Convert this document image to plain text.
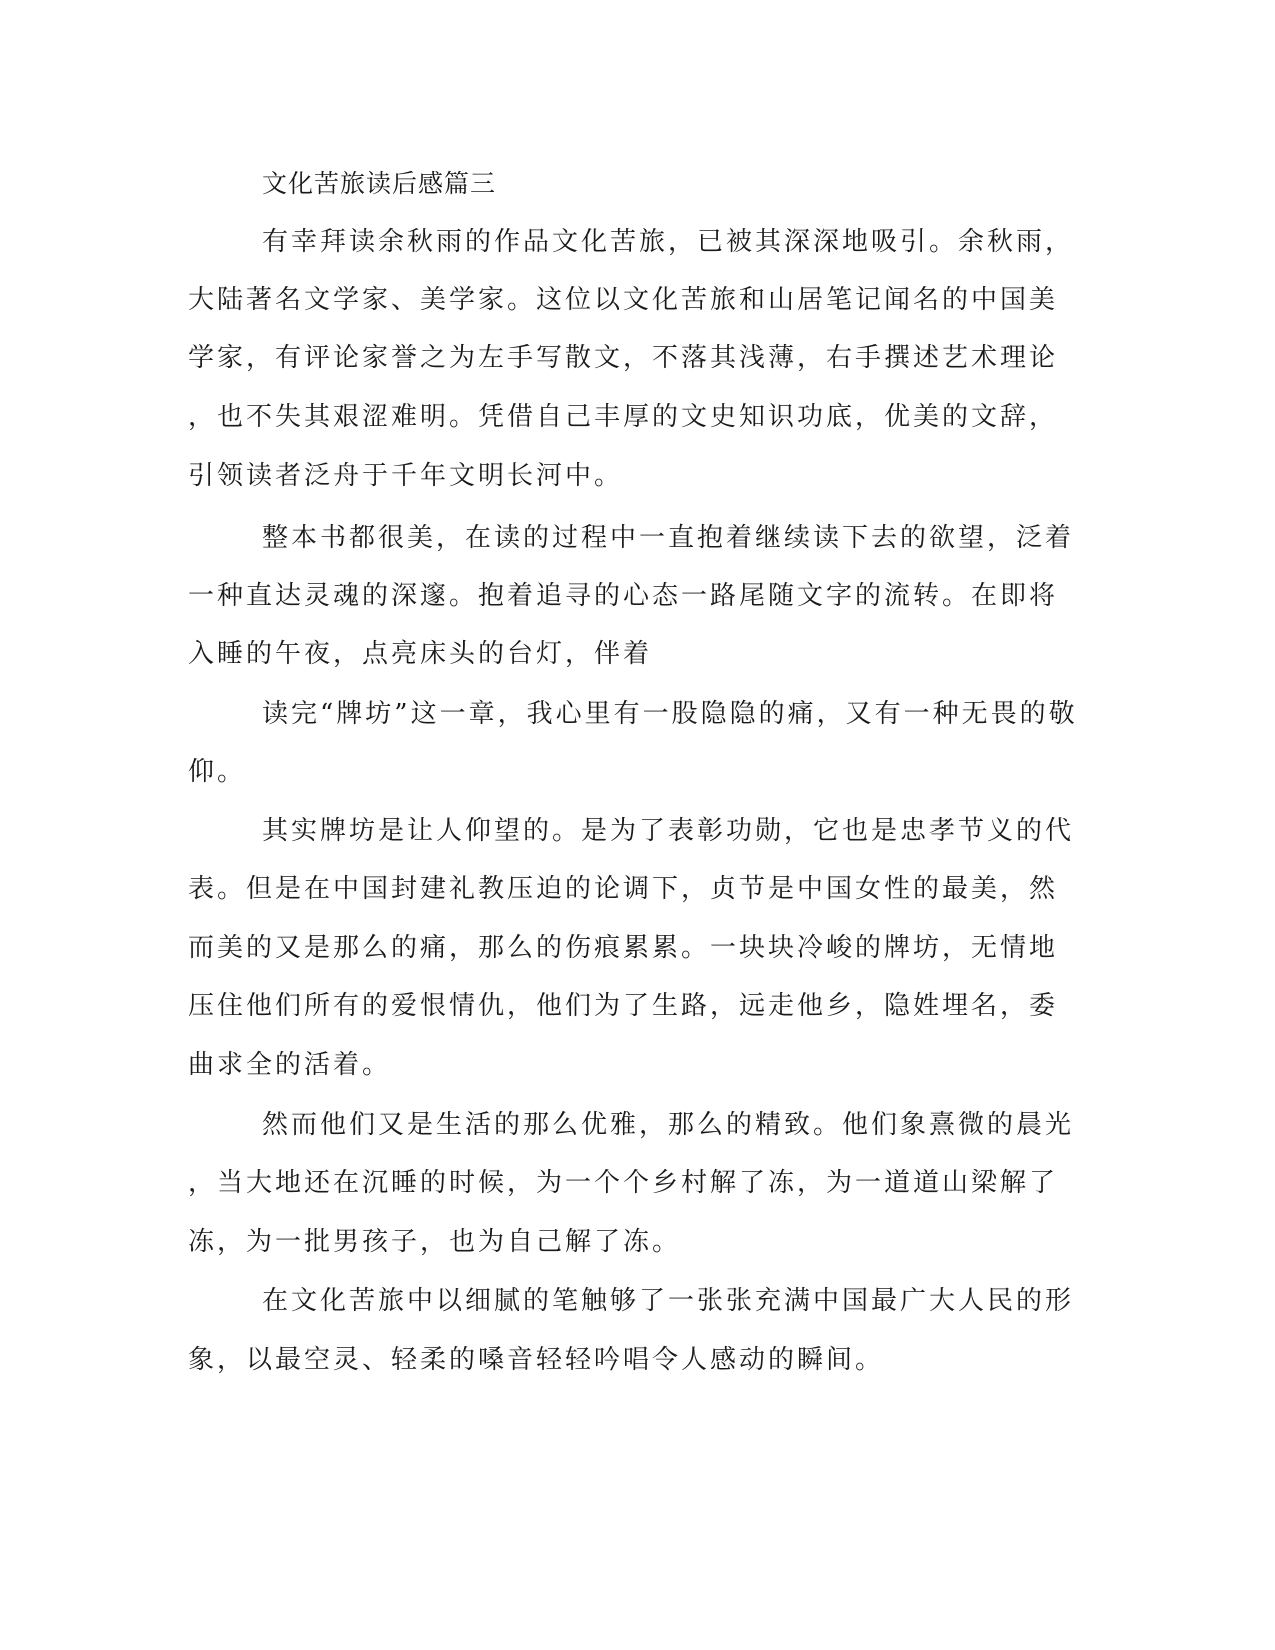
文化苦旅读后感篇三
有幸拜读余秋雨的作品文化苦旅，已被其深深地吸引。余秋雨，
大陆著名文学家、美学家。这位以文化苦旅和山居笔记闻名的中国美
学家，有评论家誉之为左手写散文，不落其浅薄，右手撰述艺术理论
，也不失其艰涩难明。凭借自己丰厚的文史知识功底，优美的文辞，
引领读者泛舟于千年文明长河中。
整本书都很美，在读的过程中一直抱着继续读下去的欲望，泛着
一种直达灵魂的深邃。抱着追寻的心态一路尾随文字的流转。在即将
入睡的午夜，点亮床头的台灯，伴着
读完“牌坊”这一章，我心里有一股隐隐的痛，又有一种无畏的敬
仰。
其实牌坊是让人仰望的。是为了表彰功勋，它也是忠孝节义的代
表。但是在中国封建礼教压迫的论调下，贞节是中国女性的最美，然
而美的又是那么的痛，那么的伤痕累累。一块块冷峻的牌坊，无情地
压住他们所有的爱恨情仇，他们为了生路，远走他乡，隐姓埋名，委
曲求全的活着。
然而他们又是生活的那么优雅，那么的精致。他们象熹微的晨光
，当大地还在沉睡的时候，为一个个乡村解了冻，为一道道山梁解了
冻，为一批男孩子，也为自己解了冻。
在文化苦旅中以细腻的笔触够了一张张充满中国最广大人民的形
象，以最空灵、轻柔的嗓音轻轻吟唱令人感动的瞬间。
